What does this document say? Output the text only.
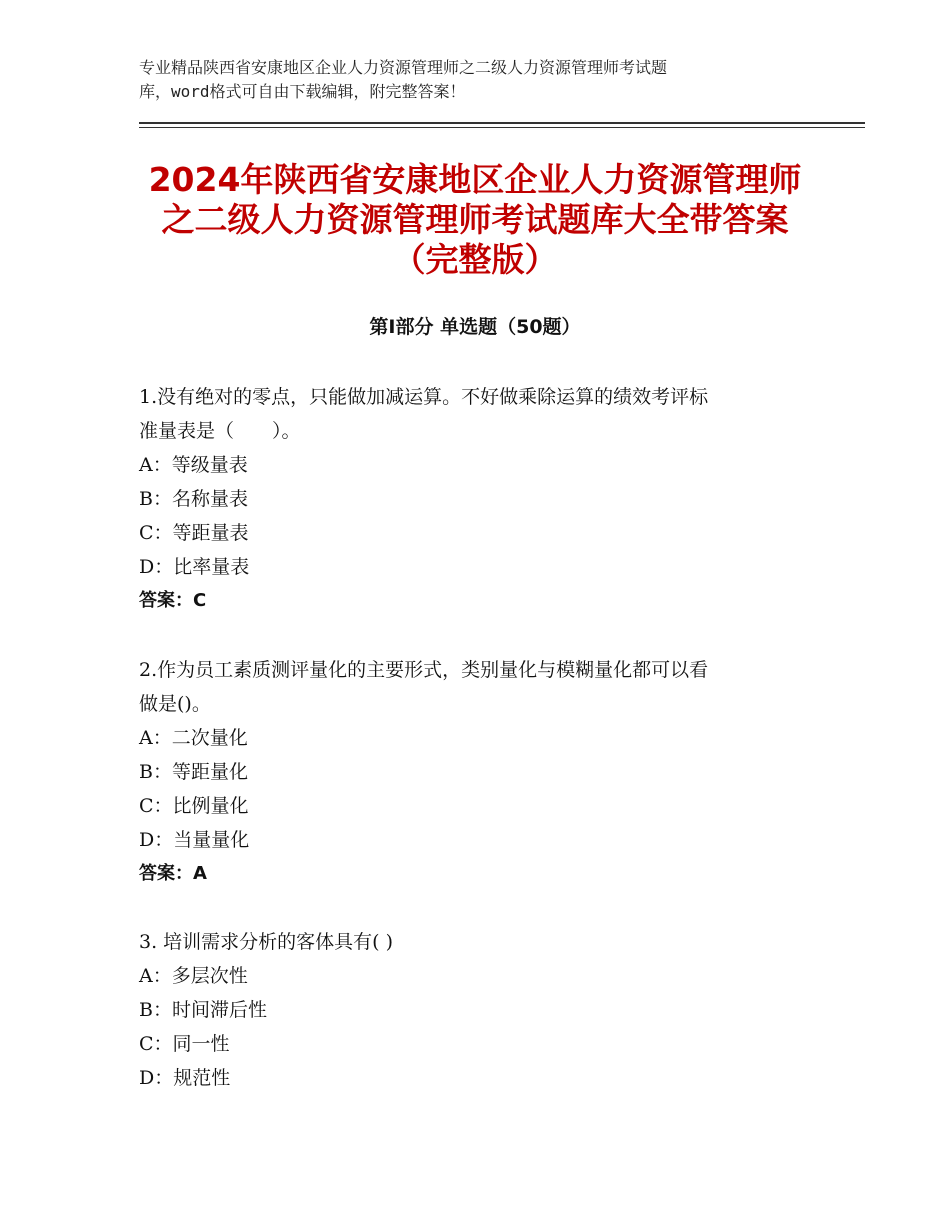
专业精品陕西省安康地区企业人力资源管理师之二级人力资源管理师考试题
库，word格式可自由下载编辑，附完整答案！
2024年陕西省安康地区企业人力资源管理师
之二级人力资源管理师考试题库大全带答案
（完整版）
第Ⅰ部分 单选题（50题）
1.没有绝对的零点，只能做加减运算。不好做乘除运算的绩效考评标
准量表是（　　）。
A：等级量表
B：名称量表
C：等距量表
D：比率量表
答案：C
2.作为员工素质测评量化的主要形式，类别量化与模糊量化都可以看
做是()。
A：二次量化
B：等距量化
C：比例量化
D：当量量化
答案：A
3. 培训需求分析的客体具有( )
A：多层次性
B：时间滞后性
C：同一性
D：规范性
